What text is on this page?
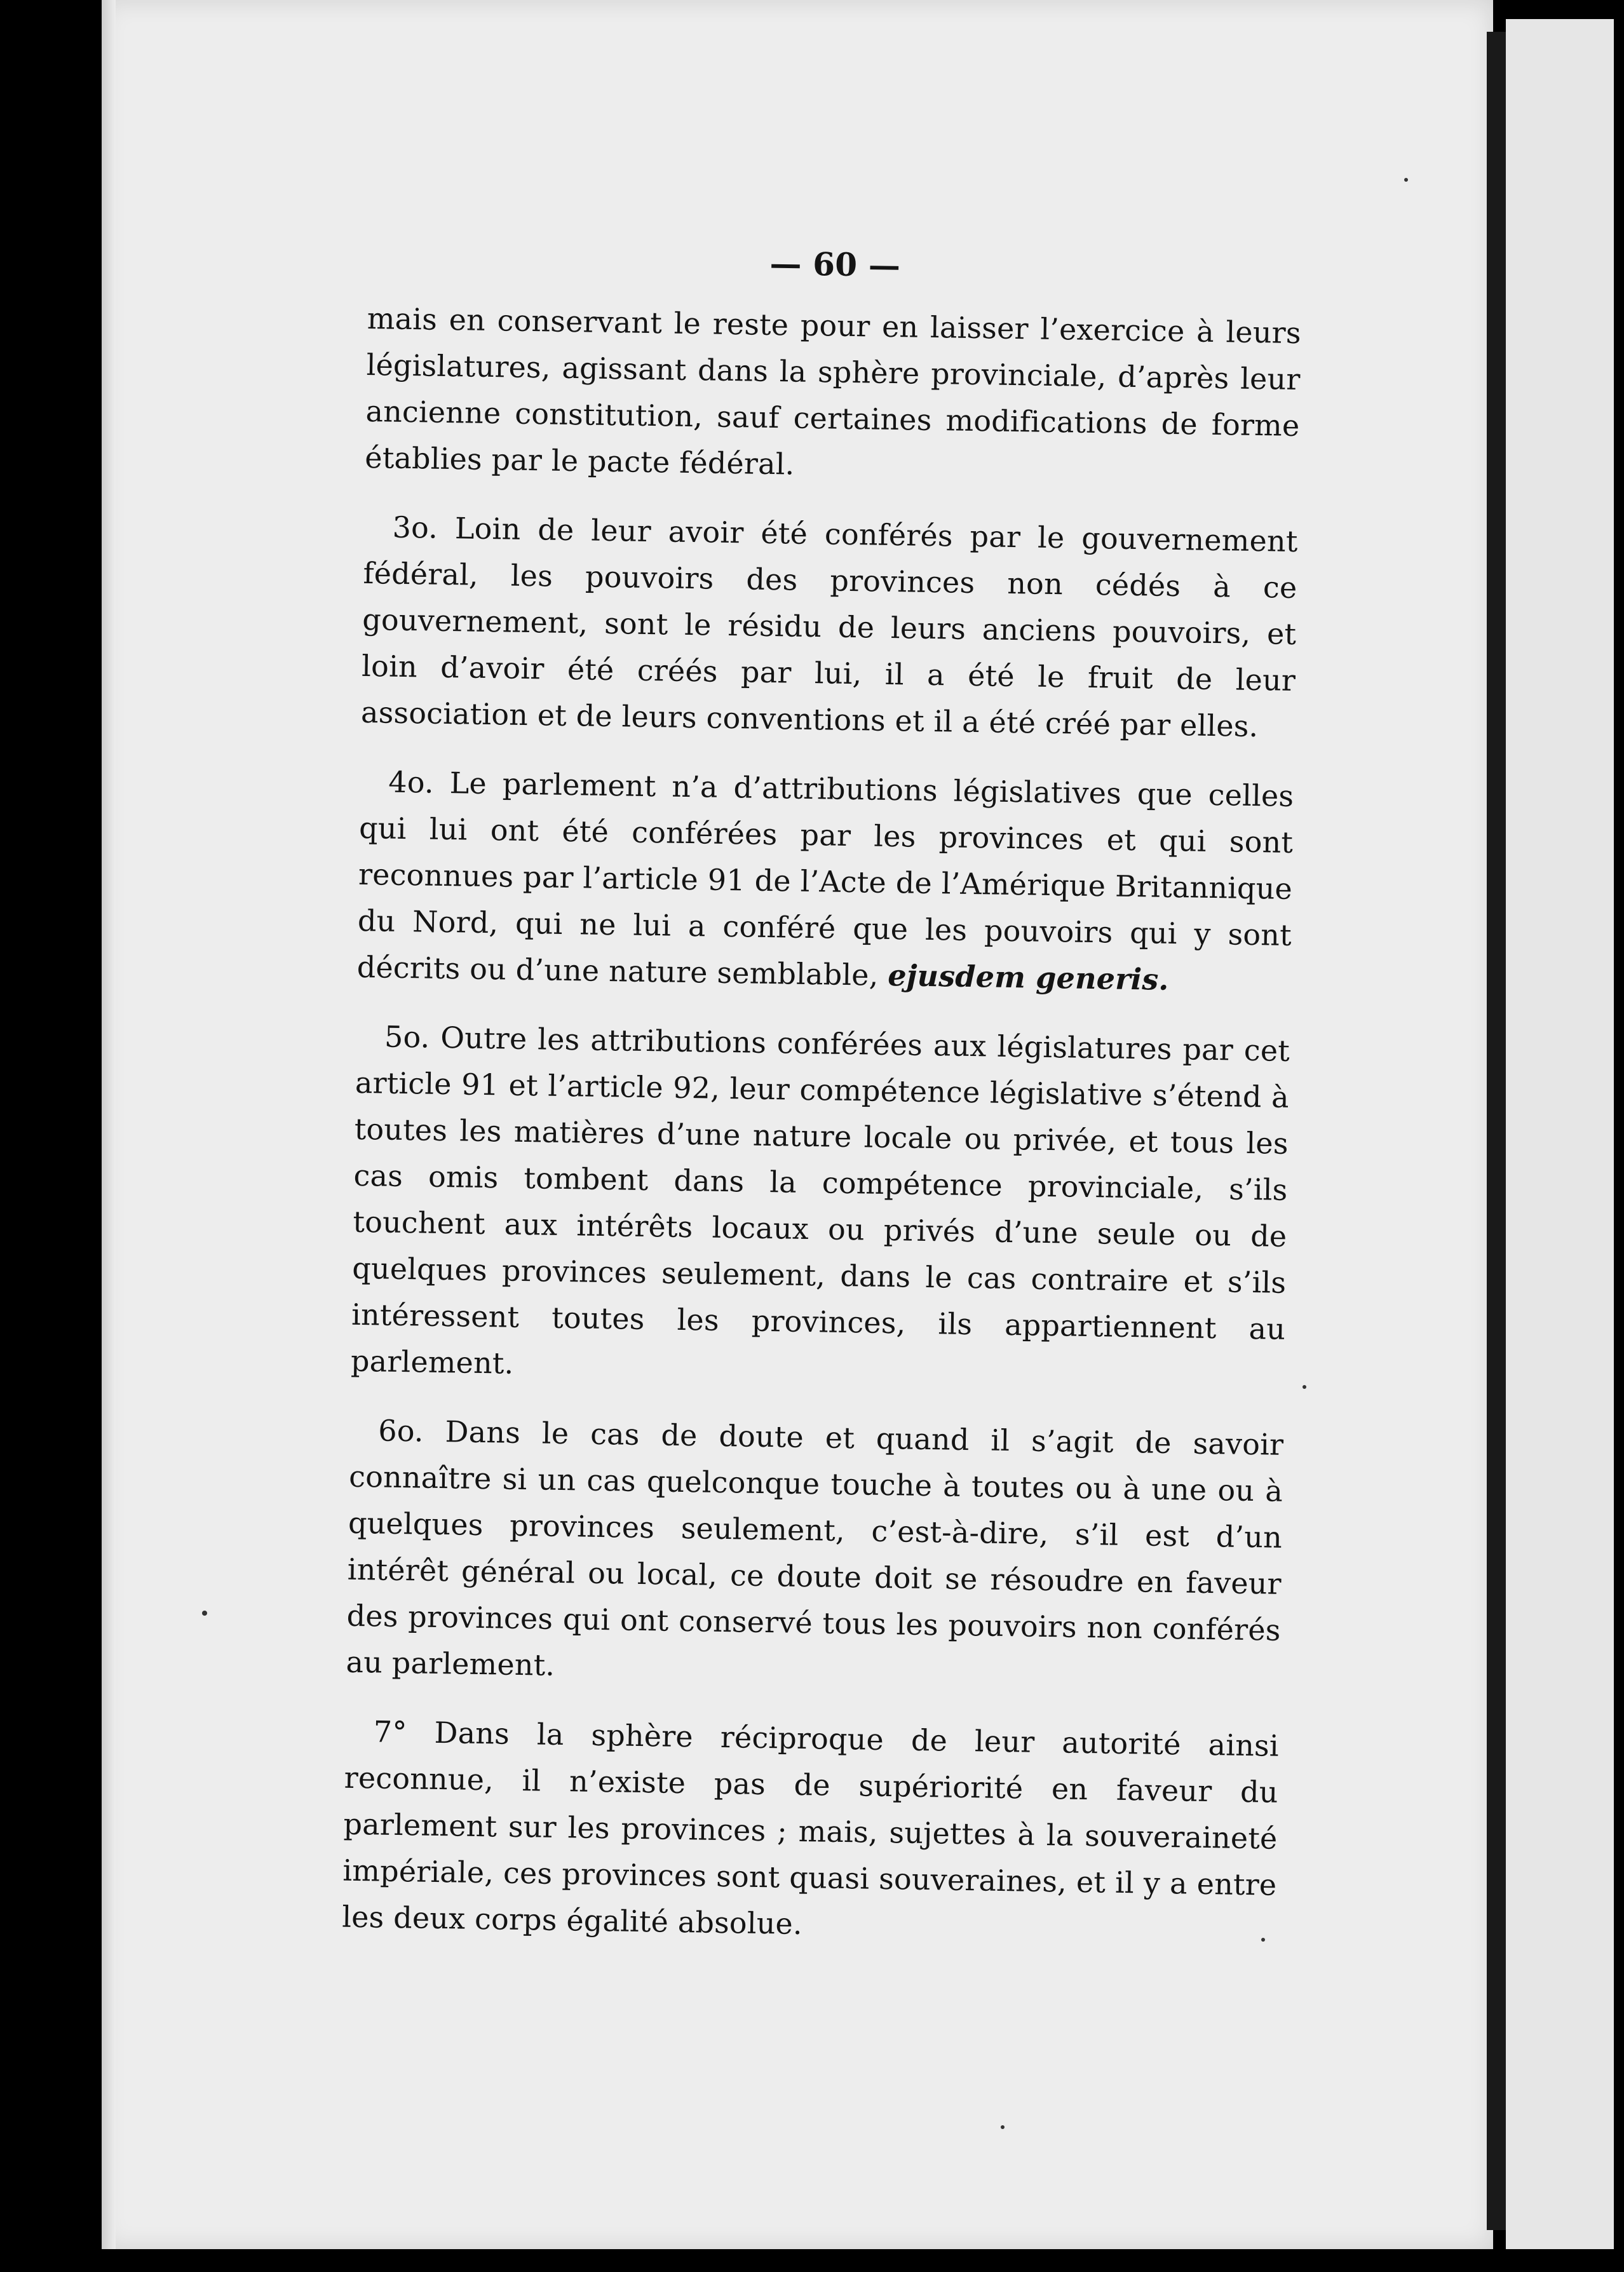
— 60 —

mais en conservant le reste pour en laisser l’exercice à leurs législatures, agissant dans la sphère provinciale, d’après leur ancienne constitution, sauf certaines modifications de forme établies par le pacte fédéral.

3o. Loin de leur avoir été conférés par le gouvernement fédéral, les pouvoirs des provinces non cédés à ce gouvernement, sont le résidu de leurs anciens pouvoirs, et loin d’avoir été créés par lui, il a été le fruit de leur association et de leurs conventions et il a été créé par elles.

4o. Le parlement n’a d’attributions législatives que celles qui lui ont été conférées par les provinces et qui sont reconnues par l’article 91 de l’Acte de l’Amérique Britannique du Nord, qui ne lui a conféré que les pouvoirs qui y sont décrits ou d’une nature semblable, ejusdem generis.

5o. Outre les attributions conférées aux législatures par cet article 91 et l’article 92, leur compétence législative s’étend à toutes les matières d’une nature locale ou privée, et tous les cas omis tombent dans la compétence provinciale, s’ils touchent aux intérêts locaux ou privés d’une seule ou de quelques provinces seulement, dans le cas contraire et s’ils intéressent toutes les provinces, ils appartiennent au parlement.

6o. Dans le cas de doute et quand il s’agit de savoir connaître si un cas quelconque touche à toutes ou à une ou à quelques provinces seulement, c’est-à-dire, s’il est d’un intérêt général ou local, ce doute doit se résoudre en faveur des provinces qui ont conservé tous les pouvoirs non conférés au parlement.

7° Dans la sphère réciproque de leur autorité ainsi reconnue, il n’existe pas de supériorité en faveur du parlement sur les provinces ; mais, sujettes à la souveraineté impériale, ces provinces sont quasi souveraines, et il y a entre les deux corps égalité absolue.
